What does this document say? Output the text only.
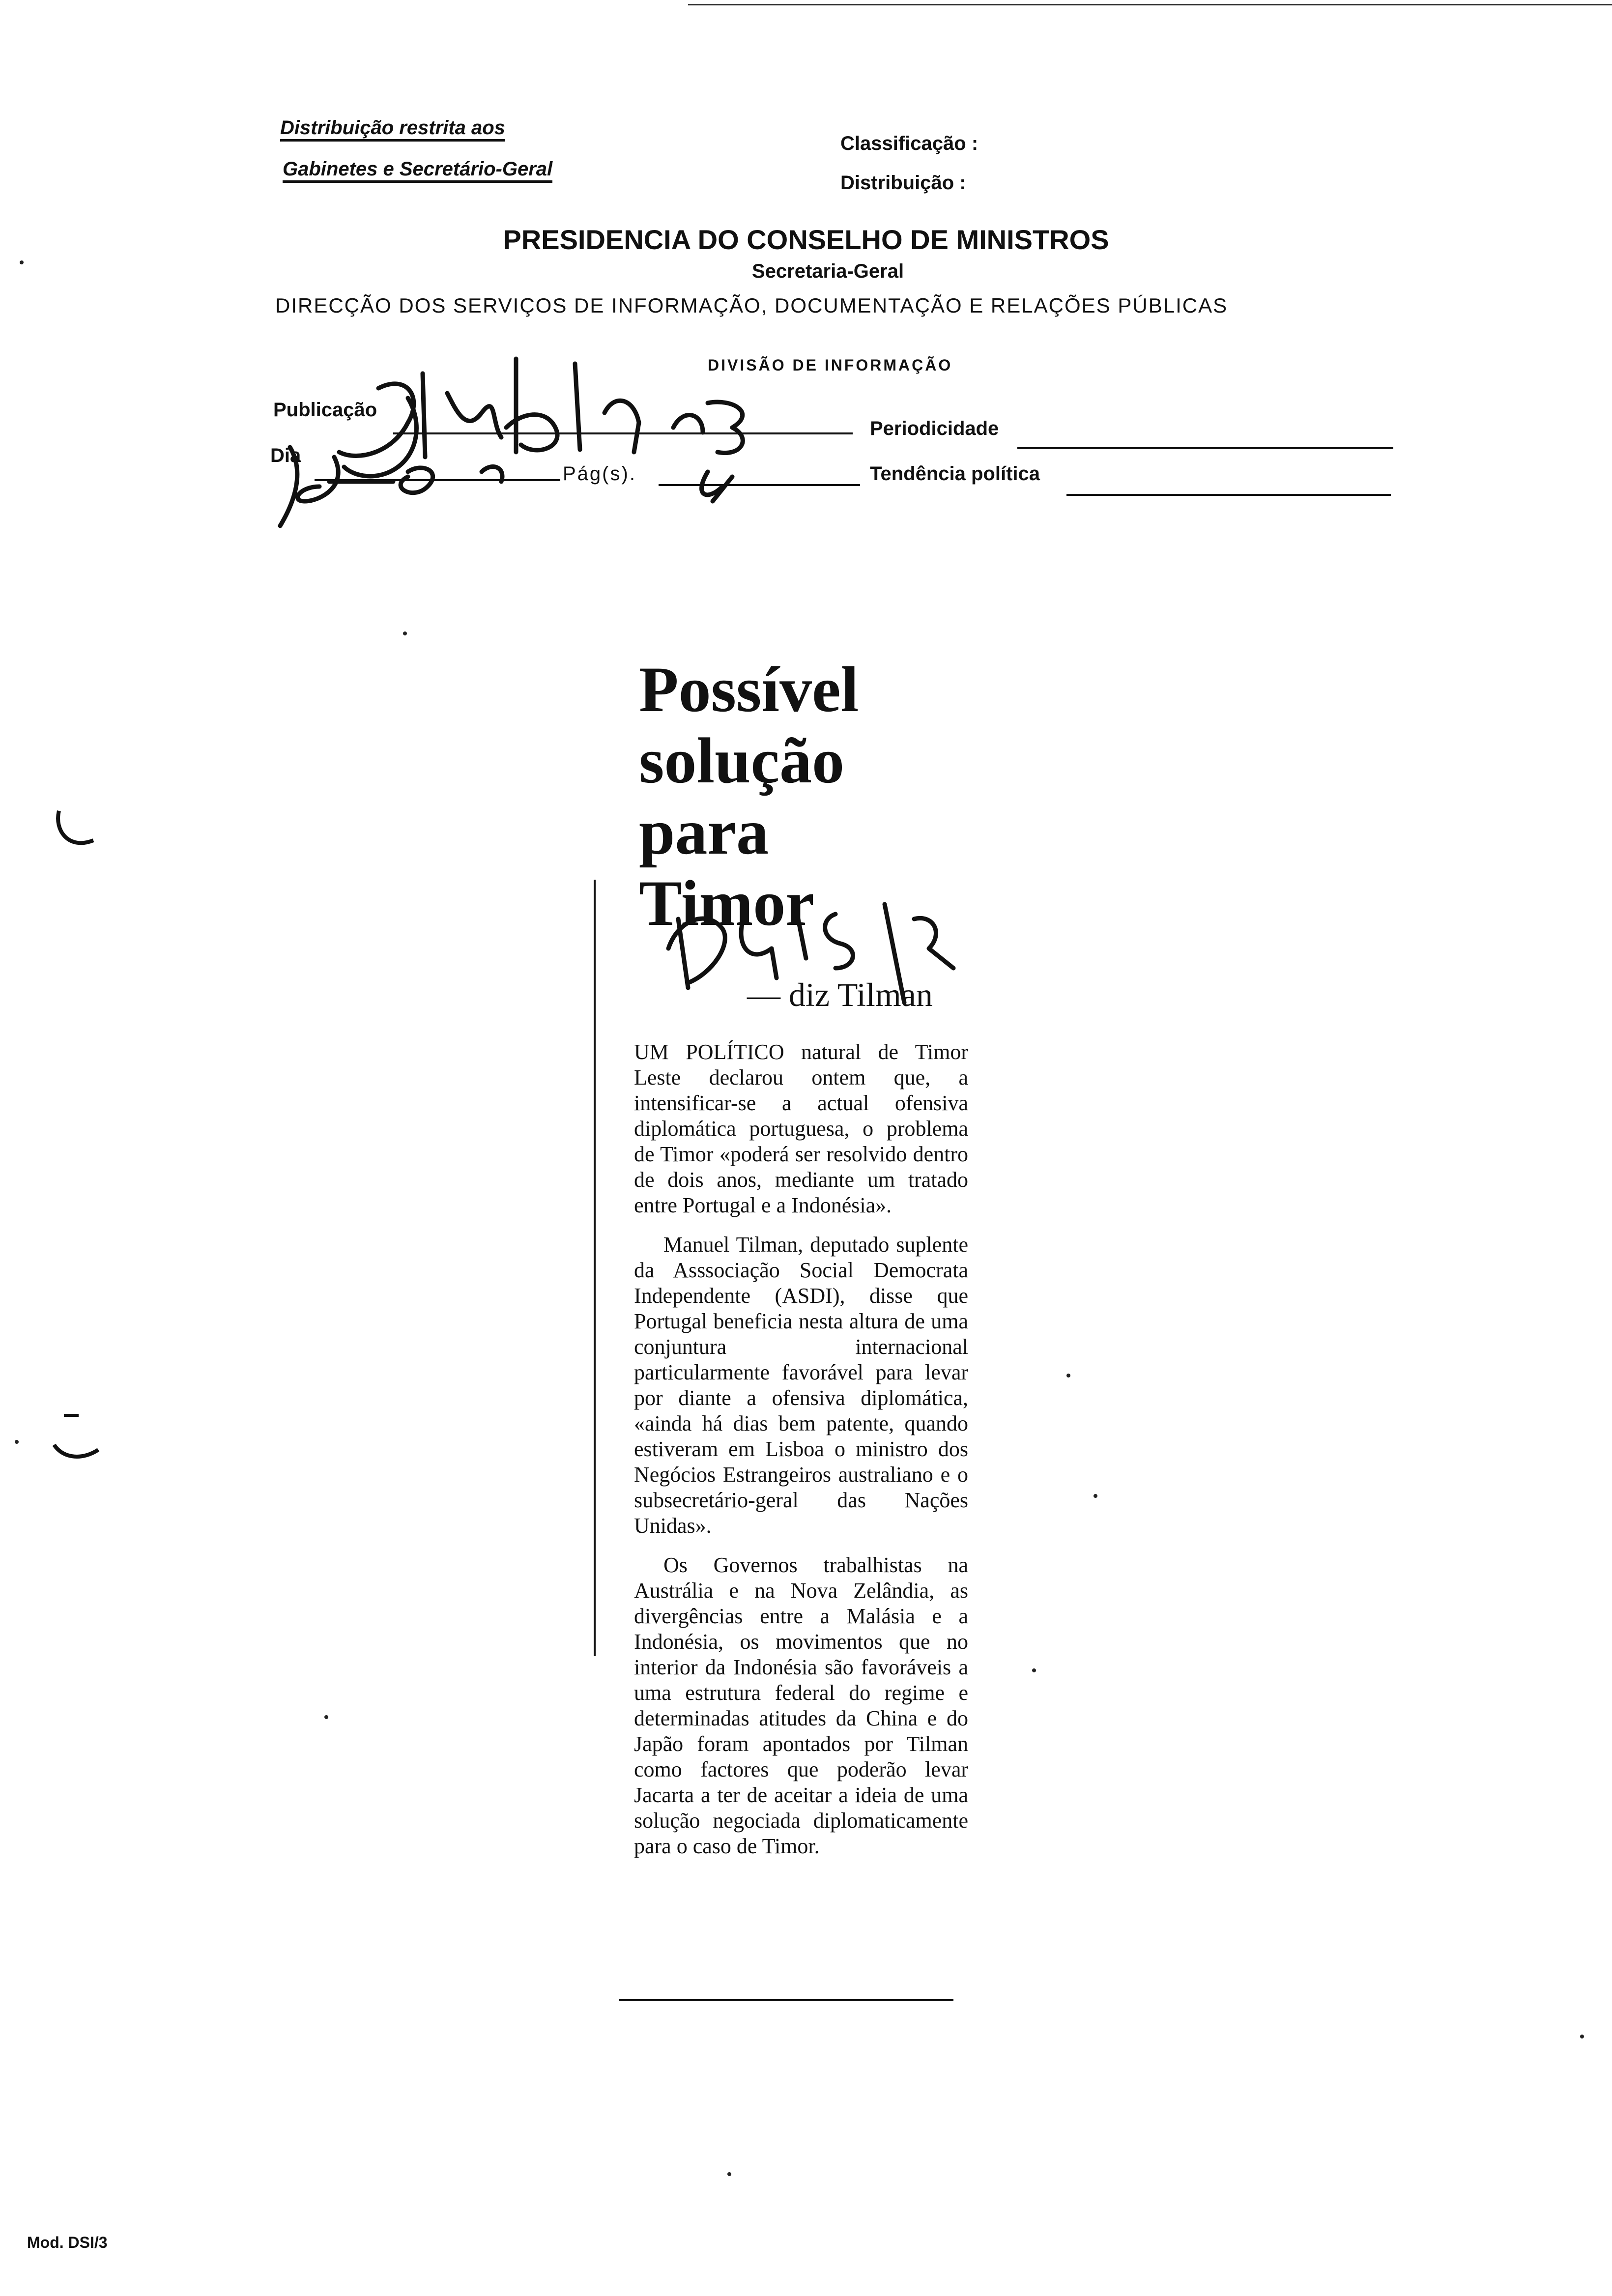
Distribuição restrita aos
Gabinetes e Secretário-Geral
Classificação :
Distribuição :
PRESIDENCIA DO CONSELHO DE MINISTROS
Secretaria-Geral
DIRECÇÃO DOS SERVIÇOS DE INFORMAÇÃO, DOCUMENTAÇÃO E RELAÇÕES PÚBLICAS
DIVISÃO DE INFORMAÇÃO
Publicação
Dia
Pág(s).
Periodicidade
Tendência política
Possível solução para Timor
— diz Tilman

UM POLÍTICO natural de Timor Leste declarou ontem que, a intensificar-se a actual ofensiva diplomática portuguesa, o problema de Timor «poderá ser resolvido dentro de dois anos, mediante um tratado entre Portugal e a Indonésia».

Manuel Tilman, deputado suplente da Asssociação Social Democrata Independente (ASDI), disse que Portugal beneficia nesta altura de uma conjuntura internacional particularmente favorável para levar por diante a ofensiva diplomática, «ainda há dias bem patente, quando estiveram em Lisboa o ministro dos Negócios Estrangeiros australiano e o subsecretário-geral das Nações Unidas».

Os Governos trabalhistas na Austrália e na Nova Zelândia, as divergências entre a Malásia e a Indonésia, os movimentos que no interior da Indonésia são favoráveis a uma estrutura federal do regime e determinadas atitudes da China e do Japão foram apontados por Tilman como factores que poderão levar Jacarta a ter de aceitar a ideia de uma solução negociada diplomaticamente para o caso de Timor.

Mod. DSI/3
